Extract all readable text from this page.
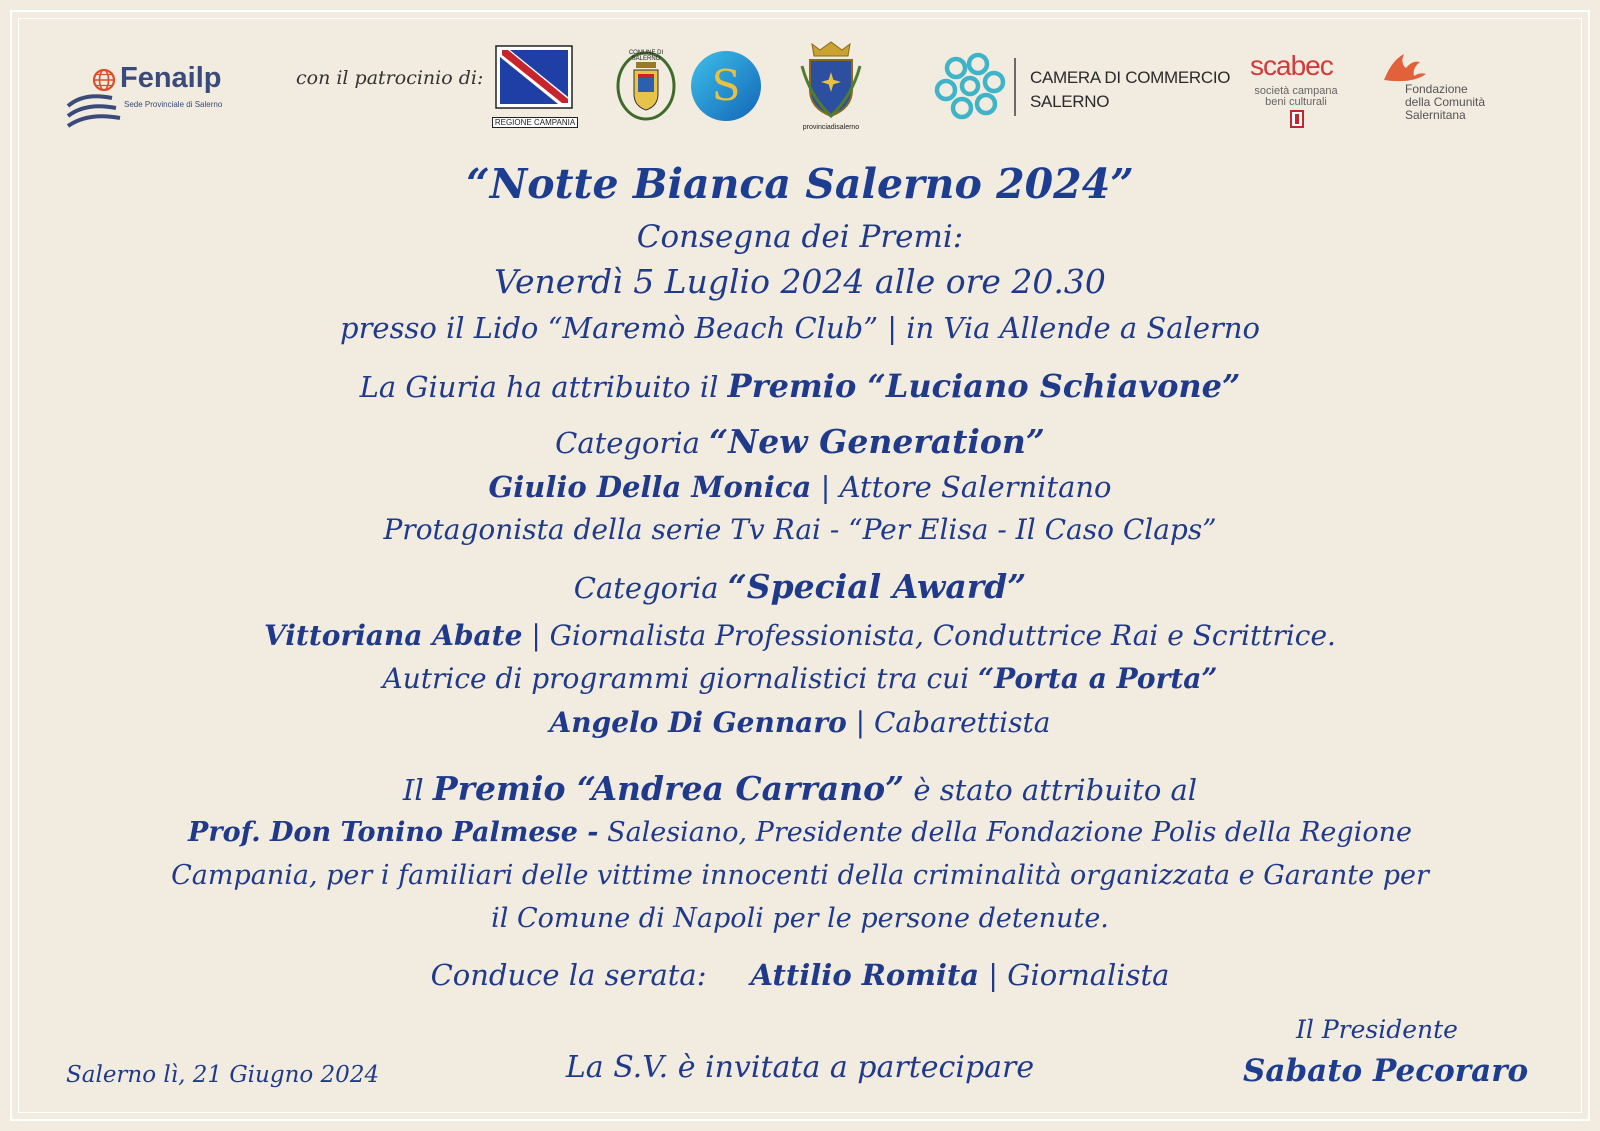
Fenailp
Sede Provinciale di Salerno
con il patrocinio di:
REGIONE CAMPANIA
COMUNE DI SALERNO
S
provinciadisalerno
CAMERA DI COMMERCIO
SALERNO
scabec
società campana
beni culturali
Fondazione
della Comunità
Salernitana
“Notte Bianca Salerno 2024”
Consegna dei Premi:
Venerdì 5 Luglio 2024 alle ore 20.30
presso il Lido “Maremò Beach Club” | in Via Allende a Salerno
La Giuria ha attribuito il Premio “Luciano Schiavone”
Categoria “New Generation”
Giulio Della Monica | Attore Salernitano
Protagonista della serie Tv Rai - “Per Elisa - Il Caso Claps”
Categoria “Special Award”
Vittoriana Abate | Giornalista Professionista, Conduttrice Rai e Scrittrice.
Autrice di programmi giornalistici tra cui “Porta a Porta”
Angelo Di Gennaro | Cabarettista
Il Premio “Andrea Carrano” è stato attribuito al
Prof. Don Tonino Palmese - Salesiano, Presidente della Fondazione Polis della Regione
Campania, per i familiari delle vittime innocenti della criminalità organizzata e Garante per
il Comune di Napoli per le persone detenute.
Conduce la serata: Attilio Romita | Giornalista
Salerno lì, 21 Giugno 2024	La S.V. è invitata a partecipare
Il Presidente
Sabato Pecoraro
